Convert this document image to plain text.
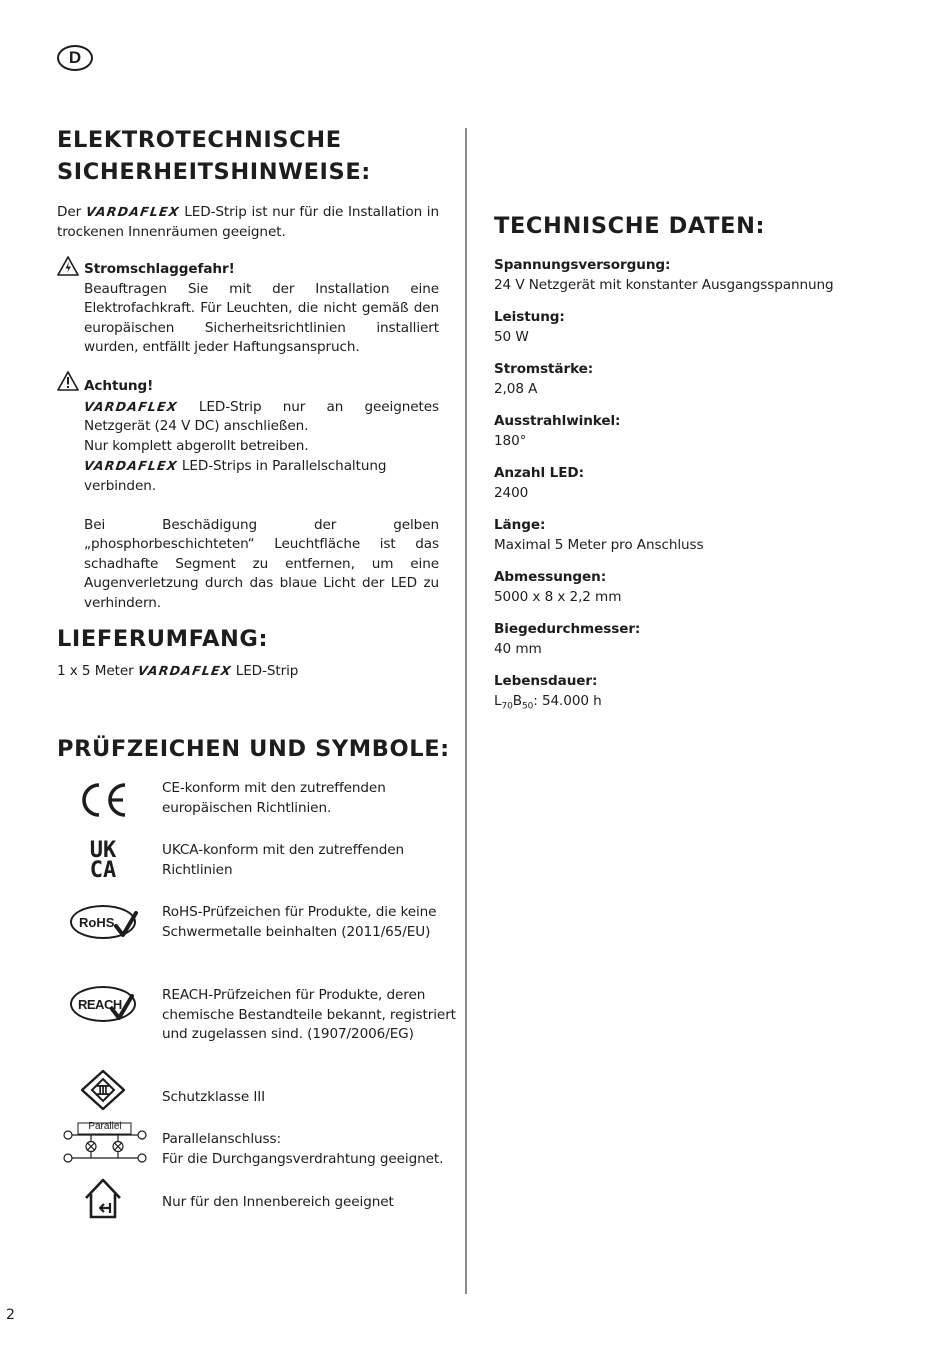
D
ELEKTROTECHNISCHE
SICHERHEITSHINWEISE:
Der VARDAFLEX LED-Strip ist nur für die Installation in trockenen Innenräumen geeignet.
Stromschlaggefahr!
Beauftragen Sie mit der Installation eine Elektrofachkraft. Für Leuchten, die nicht gemäß den europäischen Sicherheitsrichtlinien installiert wurden, entfällt jeder Haftungsanspruch.
Achtung!
VARDAFLEX LED-Strip nur an geeignetes Netzgerät (24 V DC) anschließen.
Nur komplett abgerollt betreiben.
VARDAFLEX LED-Strips in Parallelschaltung verbinden.
Bei Beschädigung der gelben „phosphorbeschichteten“ Leuchtfläche ist das schadhafte Segment zu entfernen, um eine Augenverletzung durch das blaue Licht der LED zu verhindern.
LIEFERUMFANG:
1 x 5 Meter VARDAFLEX LED-Strip
PRÜFZEICHEN UND SYMBOLE:
CE-konform mit den zutreffenden europäischen Richtlinien.
UK
CA
UKCA-konform mit den zutreffenden Richtlinien
RoHS
RoHS-Prüfzeichen für Produkte, die keine Schwermetalle beinhalten (2011/65/EU)
REACH
REACH-Prüfzeichen für Produkte, deren chemische Bestandteile bekannt, registriert und zugelassen sind. (1907/2006/EG)
Schutzklasse III
Parallel
Parallelanschluss:
Für die Durchgangsverdrahtung geeignet.
Nur für den Innenbereich geeignet
TECHNISCHE DATEN:
Spannungsversorgung:
24 V Netzgerät mit konstanter Ausgangsspannung
Leistung:
50 W
Stromstärke:
2,08 A
Ausstrahlwinkel:
180°
Anzahl LED:
2400
Länge:
Maximal 5 Meter pro Anschluss
Abmessungen:
5000 x 8 x 2,2 mm
Biegedurchmesser:
40 mm
Lebensdauer:
$L_{70}B_{50}$: 54.000 h
2
